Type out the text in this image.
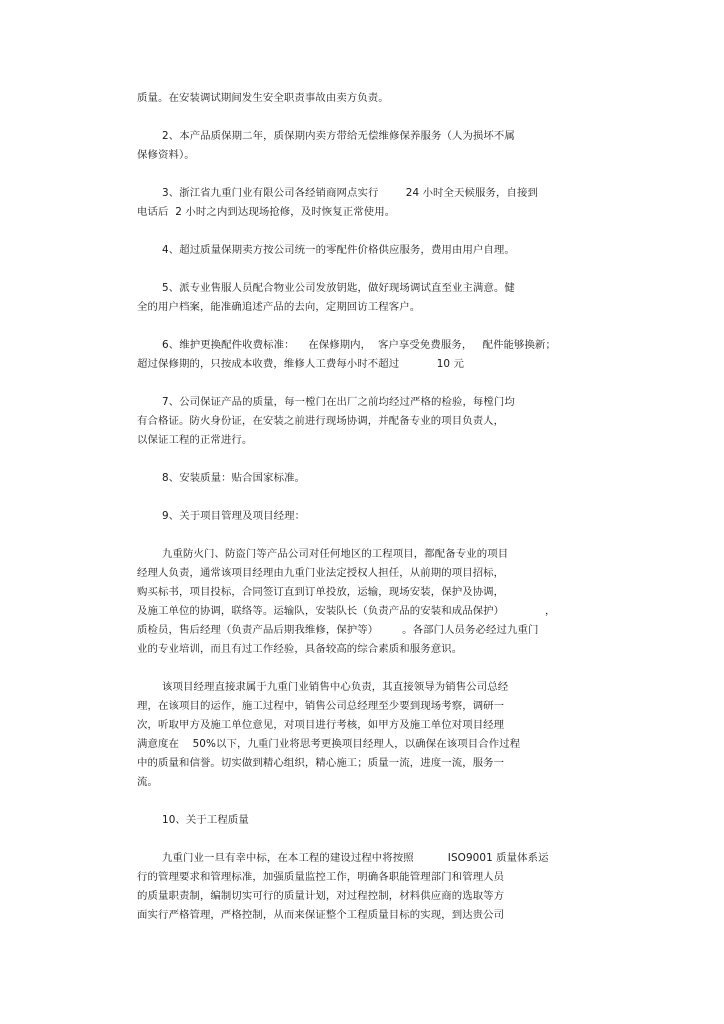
质量。在安装调试期间发生安全职责事故由卖方负责。
2、本产品质保期二年，质保期内卖方带给无偿维修保养服务（人为损坏不属
保修资料）。
3、浙江省九重门业有限公司各经销商网点实行        24 小时全天候服务，自接到
电话后  2 小时之内到达现场抢修，及时恢复正常使用。
4、超过质量保期卖方按公司统一的零配件价格供应服务，费用由用户自理。
5、派专业售服人员配合物业公司发放钥匙，做好现场调试直至业主满意。健
全的用户档案，能准确追述产品的去向，定期回访工程客户。
6、维护更换配件收费标准：    在保修期内，  客户享受免费服务，   配件能够换新；
超过保修期的，只按成本收费，维修人工费每小时不超过           10 元
7、公司保证产品的质量，每一樘门在出厂之前均经过严格的检验，每樘门均
有合格证。防火身份证，在安装之前进行现场协调，并配备专业的项目负责人，
以保证工程的正常进行。
8、安装质量：贴合国家标准。
9、关于项目管理及项目经理：
九重防火门、防盗门等产品公司对任何地区的工程项目，都配备专业的项目
经理人负责，通常该项目经理由九重门业法定授权人担任，从前期的项目招标，
购买标书，项目投标，合同签订直到订单投放，运输，现场安装，保护及协调，
及施工单位的协调，联络等。运输队，安装队长（负责产品的安装和成品保护）            ，
质检员，售后经理（负责产品后期我维修，保护等）       。各部门人员务必经过九重门
业的专业培训，而且有过工作经验，具备较高的综合素质和服务意识。
该项目经理直接隶属于九重门业销售中心负责，其直接领导为销售公司总经
理，在该项目的运作，施工过程中，销售公司总经理至少要到现场考察，调研一
次，听取甲方及施工单位意见，对项目进行考核，如甲方及施工单位对项目经理
满意度在    50%以下，九重门业将思考更换项目经理人，以确保在该项目合作过程
中的质量和信誉。切实做到精心组织，精心施工；质量一流，进度一流，服务一
流。
10、关于工程质量
九重门业一旦有幸中标，在本工程的建设过程中将按照          ISO9001 质量体系运
行的管理要求和管理标准，加强质量监控工作，明确各职能管理部门和管理人员
的质量职责制，编制切实可行的质量计划，对过程控制，材料供应商的选取等方
面实行严格管理，严格控制，从而来保证整个工程质量目标的实现，到达贵公司
